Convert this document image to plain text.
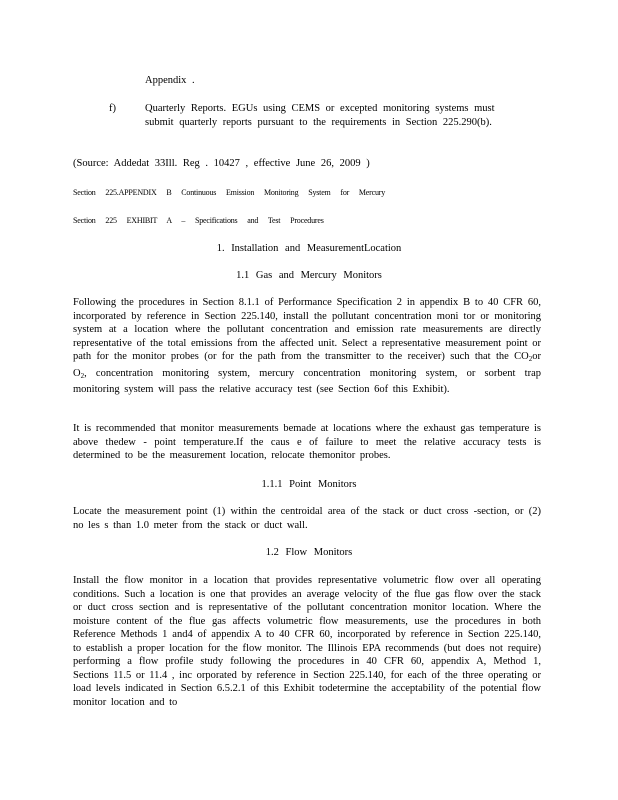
Appendix .
f)	Quarterly Reports. EGUs using CEMS or excepted monitoring systems must
submit quarterly reports pursuant to the requirements in Section 225.290(b).
(Source: Addedat 33Ill. Reg . 10427 , effective June 26, 2009 )
Section 225.APPENDIX B Continuous Emission Monitoring System for Mercury
Section 225 EXHIBIT A – Specifications and Test Procedures
1. Installation and MeasurementLocation
1.1 Gas and Mercury Monitors
Following the procedures in Section 8.1.1 of Performance Specification 2 in appendix B to 40 CFR 60, incorporated by reference in Section 225.140, install the pollutant concentration moni tor or monitoring system at a location where the pollutant concentration and emission rate measurements are directly representative of the total emissions from the affected unit. Select a representative measurement point or path for the monitor probes (or for the path from the transmitter to the receiver) such that the $CO_2or$ $O_2$, concentration monitoring system, mercury concentration monitoring system, or sorbent trap monitoring system will pass the relative accuracy test (see Section 6of this Exhibit).
It is recommended that monitor measurements bemade at locations where the exhaust gas temperature is above thedew - point temperature.If the caus e of failure to meet the relative accuracy tests is determined to be the measurement location, relocate themonitor probes.
1.1.1 Point Monitors
Locate the measurement point (1) within the centroidal area of the stack or duct cross -section, or (2) no les s than 1.0 meter from the stack or duct wall.
1.2 Flow Monitors
Install the flow monitor in a location that provides representative volumetric flow over all operating conditions. Such a location is one that provides an average velocity of the flue gas flow over the stack or duct cross section and is representative of the pollutant concentration monitor location. Where the moisture content of the flue gas affects volumetric flow measurements, use the procedures in both Reference Methods 1 and4 of appendix A to 40 CFR 60, incorporated by reference in Section 225.140, to establish a proper location for the flow monitor. The Illinois EPA recommends (but does not require) performing a flow profile study following the procedures in 40 CFR 60, appendix A, Method 1, Sections 11.5 or 11.4 , inc orporated by reference in Section 225.140, for each of the three operating or load levels indicated in Section 6.5.2.1 of this Exhibit todetermine the acceptability of the potential flow monitor location and to
